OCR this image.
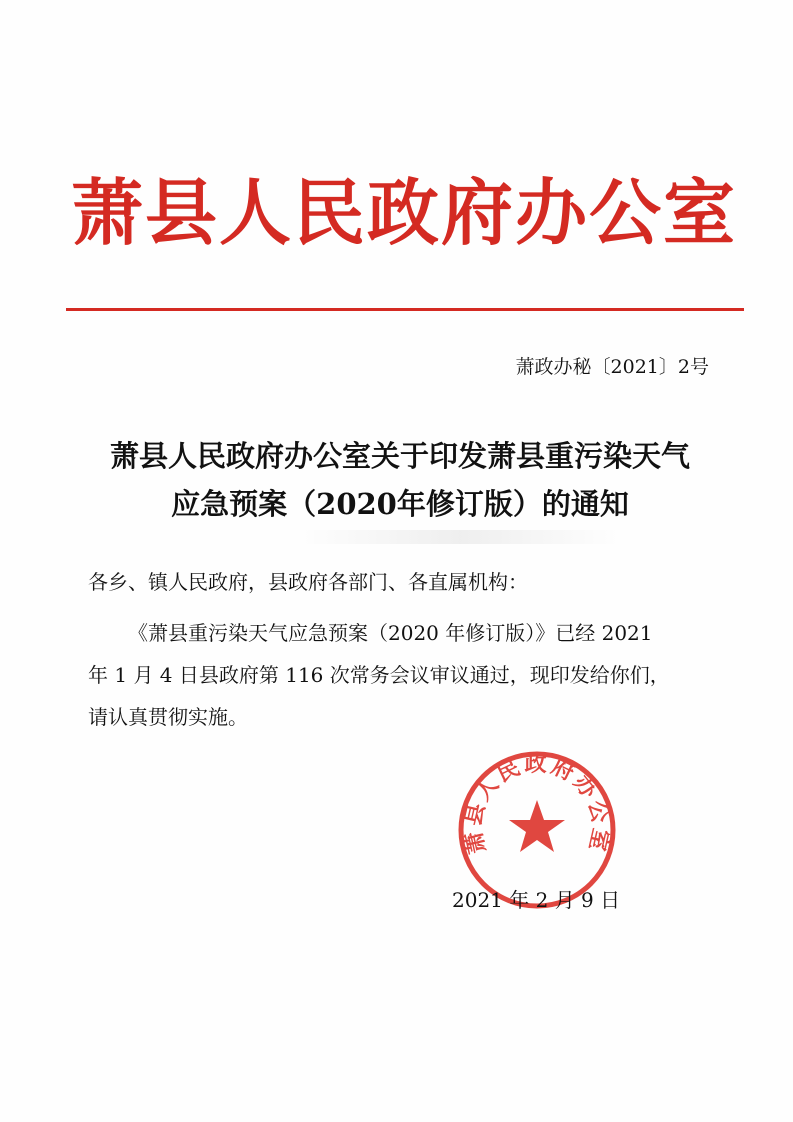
萧县人民政府办公室
萧政办秘〔2021〕2号
萧县人民政府办公室关于印发萧县重污染天气
应急预案（2020年修订版）的通知
各乡、镇人民政府，县政府各部门、各直属机构：
《萧县重污染天气应急预案（2020 年修订版）》已经 2021
年 1 月 4 日县政府第 116 次常务会议审议通过，现印发给你们，
请认真贯彻实施。
萧县人民政府办公室
2021 年 2 月 9 日
